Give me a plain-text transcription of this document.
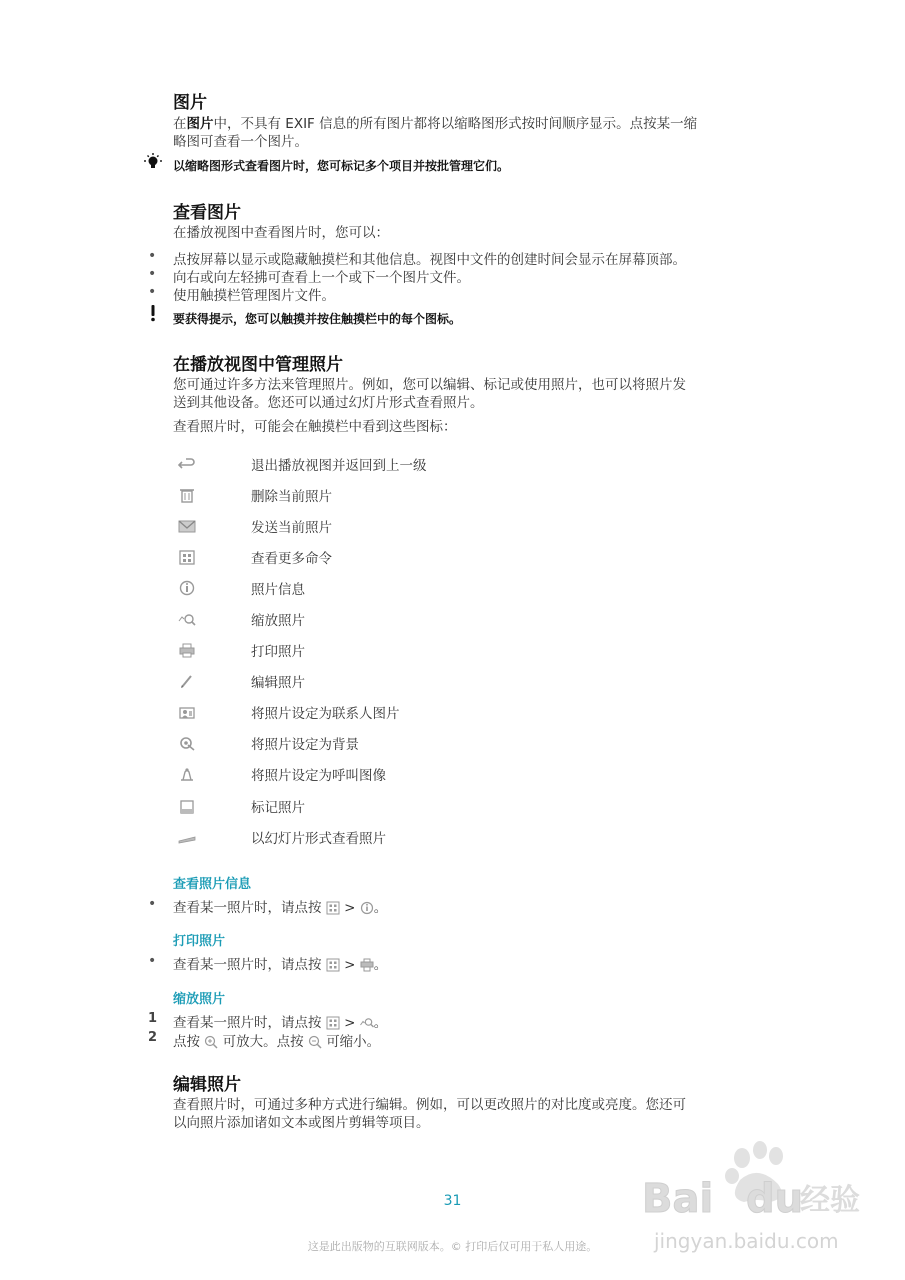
图片
在图片中，不具有 EXIF 信息的所有图片都将以缩略图形式按时间顺序显示。点按某一缩
略图可查看一个图片。
以缩略图形式查看图片时，您可标记多个项目并按批管理它们。
查看图片
在播放视图中查看图片时，您可以：
• 点按屏幕以显示或隐藏触摸栏和其他信息。视图中文件的创建时间会显示在屏幕顶部。
• 向右或向左轻拂可查看上一个或下一个图片文件。
• 使用触摸栏管理图片文件。
要获得提示，您可以触摸并按住触摸栏中的每个图标。
在播放视图中管理照片
您可通过许多方法来管理照片。例如，您可以编辑、标记或使用照片，也可以将照片发
送到其他设备。您还可以通过幻灯片形式查看照片。
查看照片时，可能会在触摸栏中看到这些图标：
退出播放视图并返回到上一级
删除当前照片
发送当前照片
查看更多命令
照片信息
缩放照片
打印照片
编辑照片
将照片设定为联系人图片
将照片设定为背景
将照片设定为呼叫图像
标记照片
以幻灯片形式查看照片
查看照片信息
• 查看某一照片时，请点按 > 。
打印照片
• 查看某一照片时，请点按 > 。
缩放照片
1 查看某一照片时，请点按 > 。
2 点按 可放大。点按 可缩小。
编辑照片
查看照片时，可通过多种方式进行编辑。例如，可以更改照片的对比度或亮度。您还可
以向照片添加诸如文本或图片剪辑等项目。
31
这是此出版物的互联网版本。© 打印后仅可用于私人用途。
Bai du
经验
jingyan.baidu.com
